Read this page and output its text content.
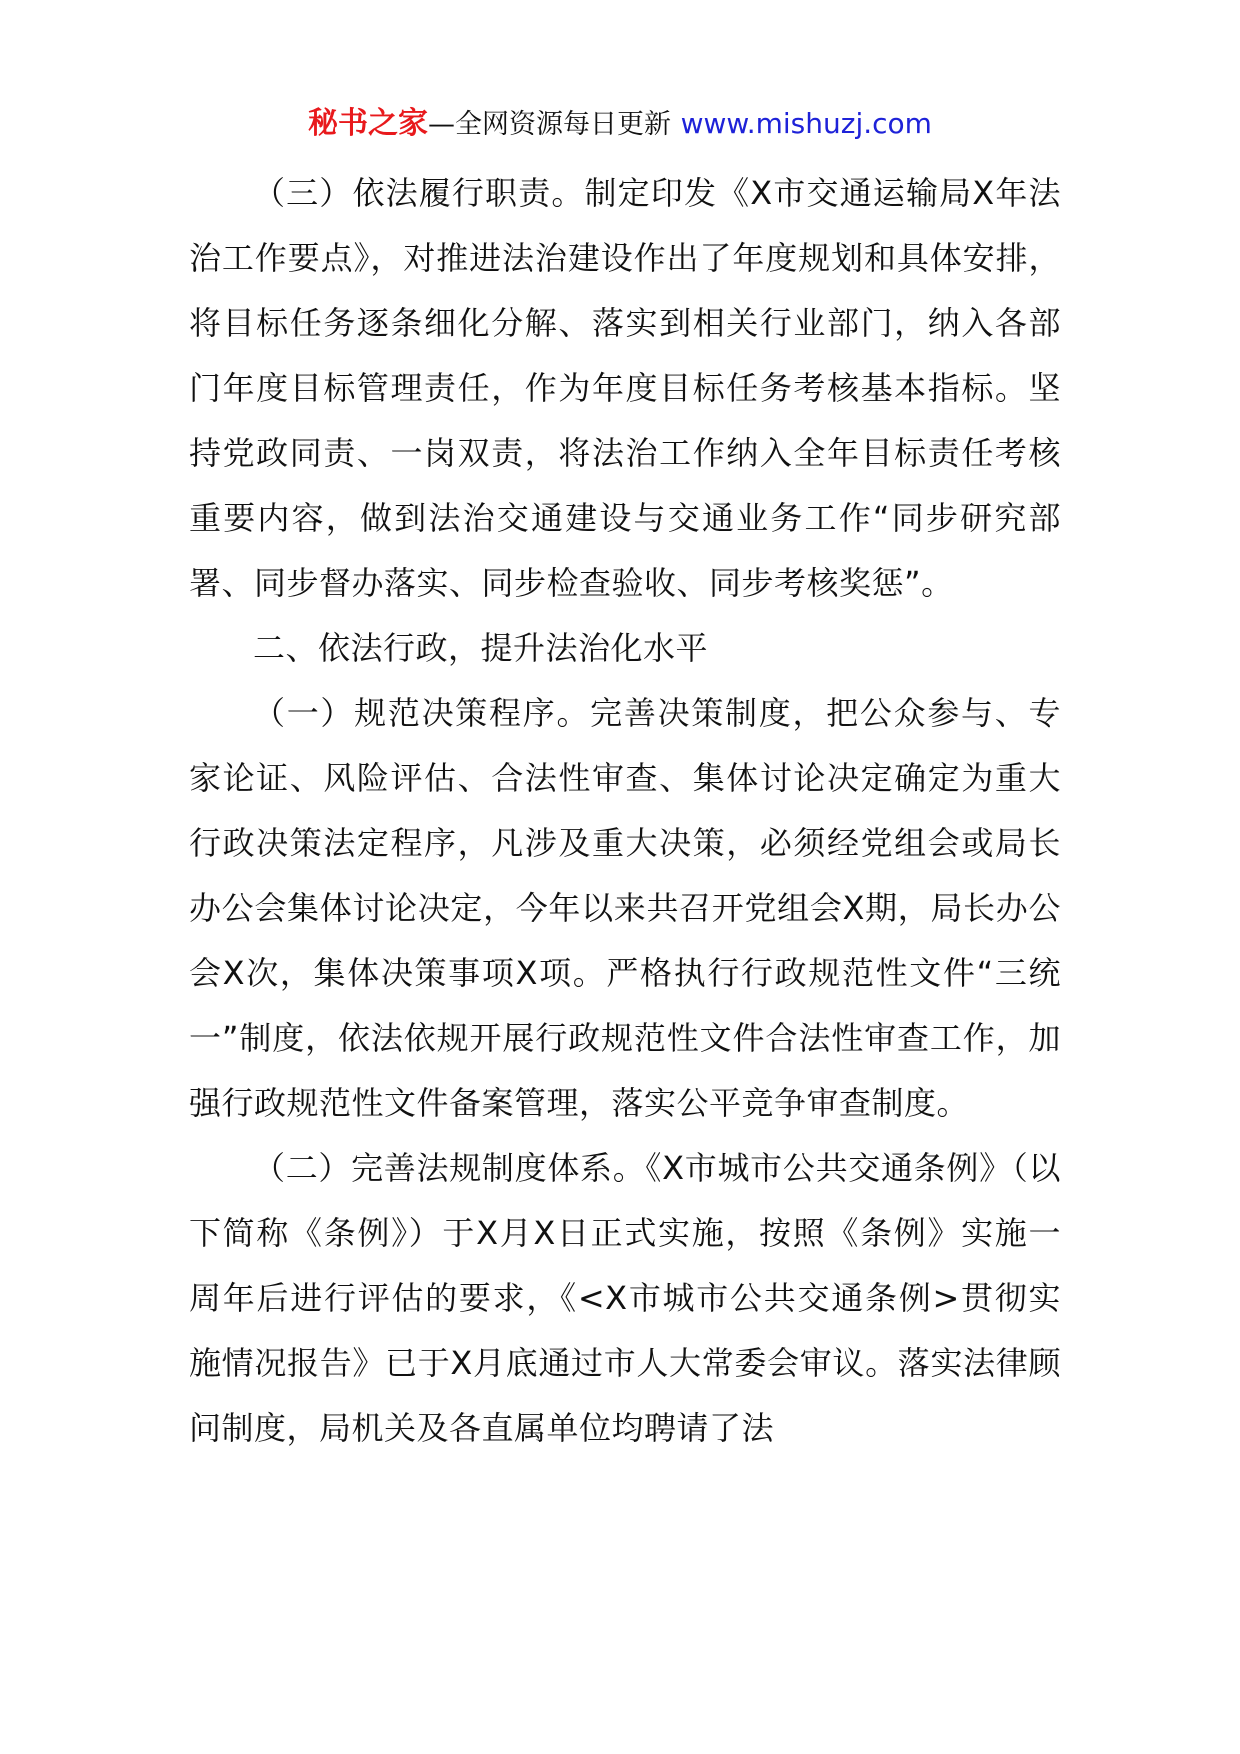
秘书之家—全网资源每日更新 www.mishuzj.com

（三）依法履行职责。制定印发《X市交通运输局X年法治工作要点》，对推进法治建设作出了年度规划和具体安排，将目标任务逐条细化分解、落实到相关行业部门，纳入各部门年度目标管理责任，作为年度目标任务考核基本指标。坚持党政同责、一岗双责，将法治工作纳入全年目标责任考核重要内容，做到法治交通建设与交通业务工作“同步研究部署、同步督办落实、同步检查验收、同步考核奖惩”。

二、依法行政，提升法治化水平

（一）规范决策程序。完善决策制度，把公众参与、专家论证、风险评估、合法性审查、集体讨论决定确定为重大行政决策法定程序，凡涉及重大决策，必须经党组会或局长办公会集体讨论决定，今年以来共召开党组会X期，局长办公会X次，集体决策事项X项。严格执行行政规范性文件“三统一”制度，依法依规开展行政规范性文件合法性审查工作，加强行政规范性文件备案管理，落实公平竞争审查制度。

（二）完善法规制度体系。《X市城市公共交通条例》（以下简称《条例》）于X月X日正式实施，按照《条例》实施一周年后进行评估的要求，《<X市城市公共交通条例>贯彻实施情况报告》已于X月底通过市人大常委会审议。落实法律顾问制度，局机关及各直属单位均聘请了法
